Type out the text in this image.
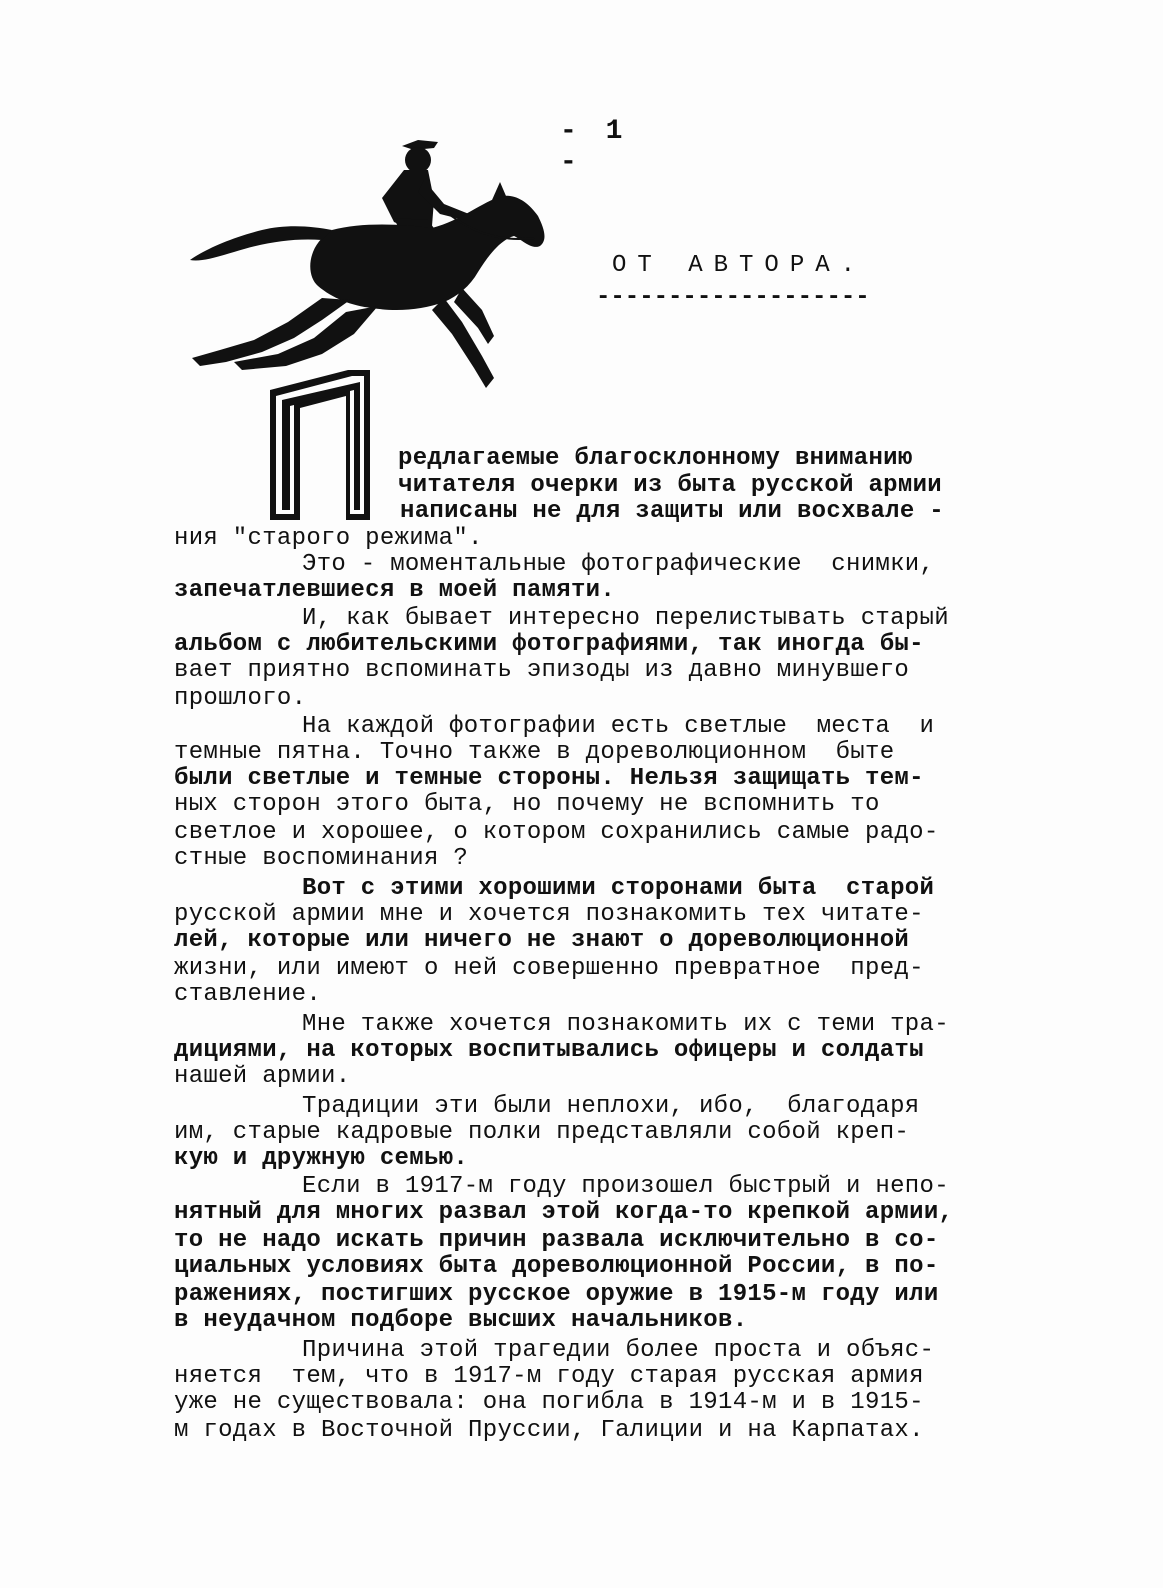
- 1 -
ОТ АВТОРА.
-------------------
редлагаемые благосклонному вниманию
читателя очерки из быта русской армии
написаны не для защиты или восхвале -
ния "старого режима".
Это - моментальные фотографические  снимки,
запечатлевшиеся в моей памяти.
И, как бывает интересно перелистывать старый
альбом с любительскими фотографиями, так иногда бы-
вает приятно вспоминать эпизоды из давно минувшего
прошлого.
На каждой фотографии есть светлые  места  и
темные пятна. Точно также в дореволюционном  быте
были светлые и темные стороны. Нельзя защищать тем-
ных сторон этого быта, но почему не вспомнить то
светлое и хорошее, о котором сохранились самые радо-
стные воспоминания ?
Вот с этими хорошими сторонами быта  старой
русской армии мне и хочется познакомить тех читате-
лей, которые или ничего не знают о дореволюционной
жизни, или имеют о ней совершенно превратное  пред-
ставление.
Мне также хочется познакомить их с теми тра-
дициями, на которых воспитывались офицеры и солдаты
нашей армии.
Традиции эти были неплохи, ибо,  благодаря
им, старые кадровые полки представляли собой креп-
кую и дружную семью.
Если в 1917-м году произошел быстрый и непо-
нятный для многих развал этой когда-то крепкой армии,
то не надо искать причин развала исключительно в со-
циальных условиях быта дореволюционной России, в по-
ражениях, постигших русское оружие в 1915-м году или
в неудачном подборе высших начальников.
Причина этой трагедии более проста и объяс-
няется  тем, что в 1917-м году старая русская армия
уже не существовала: она погибла в 1914-м и в 1915-
м годах в Восточной Пруссии, Галиции и на Карпатах.
